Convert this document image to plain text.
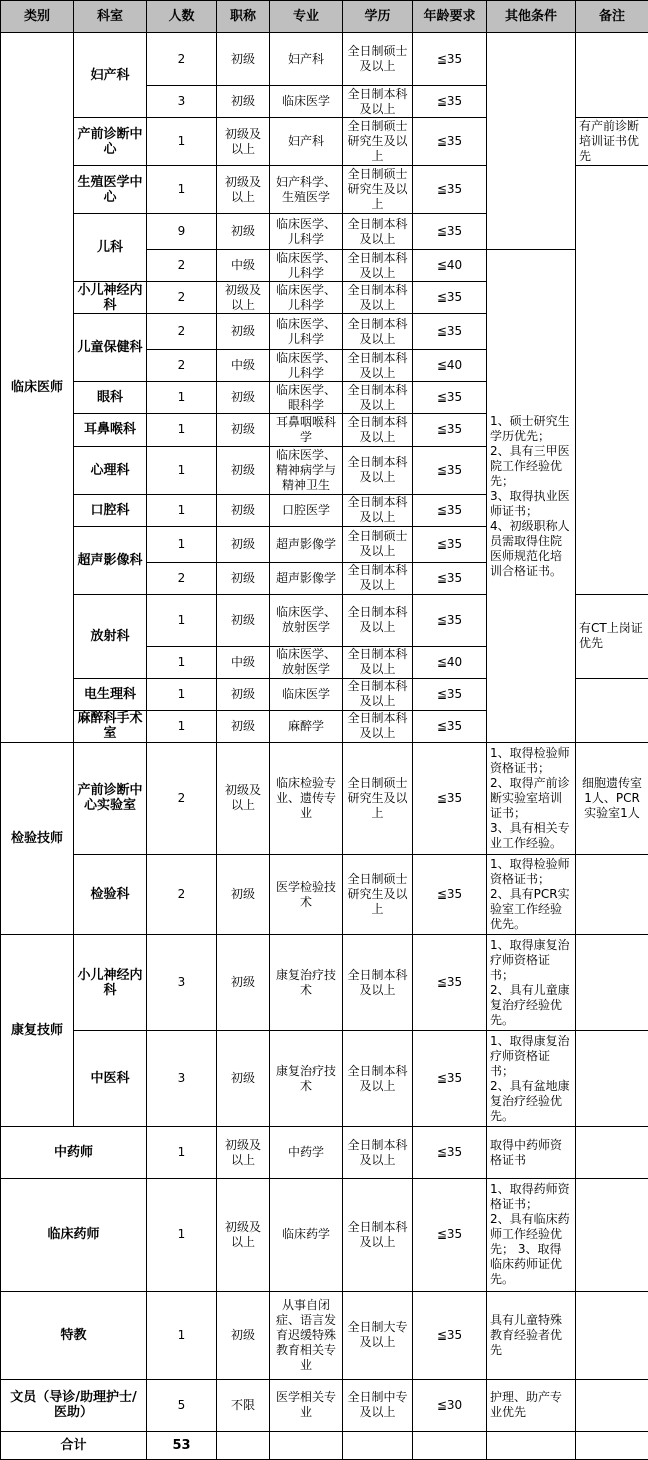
类别	科室	人数	职称	专业	学历	年龄要求	其他条件	备注
临床医师	妇产科	2	初级	妇产科	全日制硕士及以上	≦35		
		3	初级	临床医学	全日制本科及以上	≦35		
	产前诊断中心	1	初级及以上	妇产科	全日制硕士研究生及以上	≦35		有产前诊断培训证书优先
	生殖医学中心	1	初级及以上	妇产科学、生殖医学	全日制硕士研究生及以上	≦35		
	儿科	9	初级	临床医学、儿科学	全日制本科及以上	≦35		
		2	中级	临床医学、儿科学	全日制本科及以上	≦40	1、硕士研究生学历优先；
2、具有三甲医院工作经验优先；
3、取得执业医师证书；
4、初级职称人员需取得住院医师规范化培训合格证书。	
	小儿神经内科	2	初级及以上	临床医学、儿科学	全日制本科及以上	≦35		
	儿童保健科	2	初级	临床医学、儿科学	全日制本科及以上	≦35		
		2	中级	临床医学、儿科学	全日制本科及以上	≦40		
	眼科	1	初级	临床医学、眼科学	全日制本科及以上	≦35		
	耳鼻喉科	1	初级	耳鼻咽喉科学	全日制本科及以上	≦35		
	心理科	1	初级	临床医学、精神病学与精神卫生	全日制本科及以上	≦35		
	口腔科	1	初级	口腔医学	全日制本科及以上	≦35		
	超声影像科	1	初级	超声影像学	全日制硕士及以上	≦35		
		2	初级	超声影像学	全日制本科及以上	≦35		
	放射科	1	初级	临床医学、放射医学	全日制本科及以上	≦35		有CT上岗证优先
		1	中级	临床医学、放射医学	全日制本科及以上	≦40		
	电生理科	1	初级	临床医学	全日制本科及以上	≦35		
	麻醉科手术室	1	初级	麻醉学	全日制本科及以上	≦35		
检验技师	产前诊断中心实验室	2	初级及以上	临床检验专业、遗传专业	全日制硕士研究生及以上	≦35	1、取得检验师资格证书；
2、取得产前诊断实验室培训证书；
3、具有相关专业工作经验。	细胞遗传室1人、PCR实验室1人
	检验科	2	初级	医学检验技术	全日制硕士研究生及以上	≦35	1、取得检验师资格证书；
2、具有PCR实验室工作经验优先。	
康复技师	小儿神经内科	3	初级	康复治疗技术	全日制本科及以上	≦35	1、取得康复治疗师资格证书；
2、具有儿童康复治疗经验优先。	
	中医科	3	初级	康复治疗技术	全日制本科及以上	≦35	1、取得康复治疗师资格证书；
2、具有盆地康复治疗经验优先。	
中药师		1	初级及以上	中药学	全日制本科及以上	≦35	取得中药师资格证书	
临床药师		1	初级及以上	临床药学	全日制本科及以上	≦35	1、取得药师资格证书；
2、具有临床药师工作经验优先； 3、取得临床药师证优先。	
特教		1	初级	从事自闭症、语言发育迟缓特殊教育相关专业	全日制大专及以上	≦35	具有儿童特殊教育经验者优先	
文员（导诊/助理护士/医助）		5	不限	医学相关专业	全日制中专及以上	≦30	护理、助产专业优先	
合计		53						
